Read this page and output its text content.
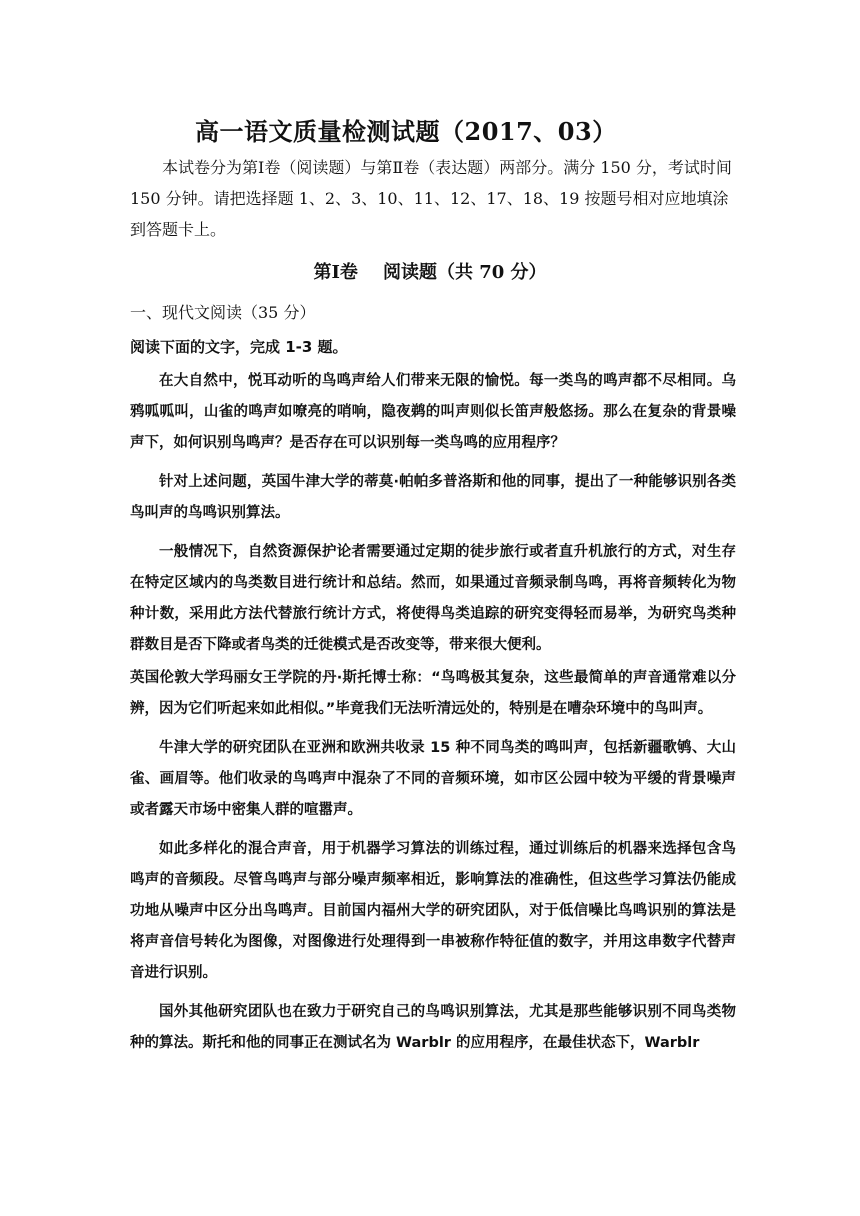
高一语文质量检测试题（2017、03）

本试卷分为第Ⅰ卷（阅读题）与第Ⅱ卷（表达题）两部分。满分 150 分，考试时间 150 分钟。请把选择题 1、2、3、10、11、12、17、18、19 按题号相对应地填涂到答题卡上。

第Ⅰ卷    阅读题（共 70 分）
一、现代文阅读（35 分）
阅读下面的文字，完成 1-3 题。

在大自然中，悦耳动听的鸟鸣声给人们带来无限的愉悦。每一类鸟的鸣声都不尽相同。乌鸦呱呱叫，山雀的鸣声如嘹亮的哨响，隐夜鹈的叫声则似长笛声般悠扬。那么在复杂的背景噪声下，如何识别鸟鸣声？是否存在可以识别每一类鸟鸣的应用程序？

针对上述问题，英国牛津大学的蒂莫·帕帕多普洛斯和他的同事，提出了一种能够识别各类鸟叫声的鸟鸣识别算法。

一般情况下，自然资源保护论者需要通过定期的徒步旅行或者直升机旅行的方式，对生存在特定区域内的鸟类数目进行统计和总结。然而，如果通过音频录制鸟鸣，再将音频转化为物种计数，采用此方法代替旅行统计方式，将使得鸟类追踪的研究变得轻而易举，为研究鸟类种群数目是否下降或者鸟类的迁徙模式是否改变等，带来很大便利。

英国伦敦大学玛丽女王学院的丹·斯托博士称：“鸟鸣极其复杂，这些最简单的声音通常难以分辨，因为它们听起来如此相似。”毕竟我们无法听清远处的，特别是在嘈杂环境中的鸟叫声。

牛津大学的研究团队在亚洲和欧洲共收录 15 种不同鸟类的鸣叫声，包括新疆歌鸲、大山雀、画眉等。他们收录的鸟鸣声中混杂了不同的音频环境，如市区公园中较为平缓的背景噪声或者露天市场中密集人群的喧嚣声。

如此多样化的混合声音，用于机器学习算法的训练过程，通过训练后的机器来选择包含鸟鸣声的音频段。尽管鸟鸣声与部分噪声频率相近，影响算法的准确性，但这些学习算法仍能成功地从噪声中区分出鸟鸣声。目前国内福州大学的研究团队，对于低信噪比鸟鸣识别的算法是将声音信号转化为图像，对图像进行处理得到一串被称作特征值的数字，并用这串数字代替声音进行识别。

国外其他研究团队也在致力于研究自己的鸟鸣识别算法，尤其是那些能够识别不同鸟类物种的算法。斯托和他的同事正在测试名为 Warblr 的应用程序，在最佳状态下，Warblr
